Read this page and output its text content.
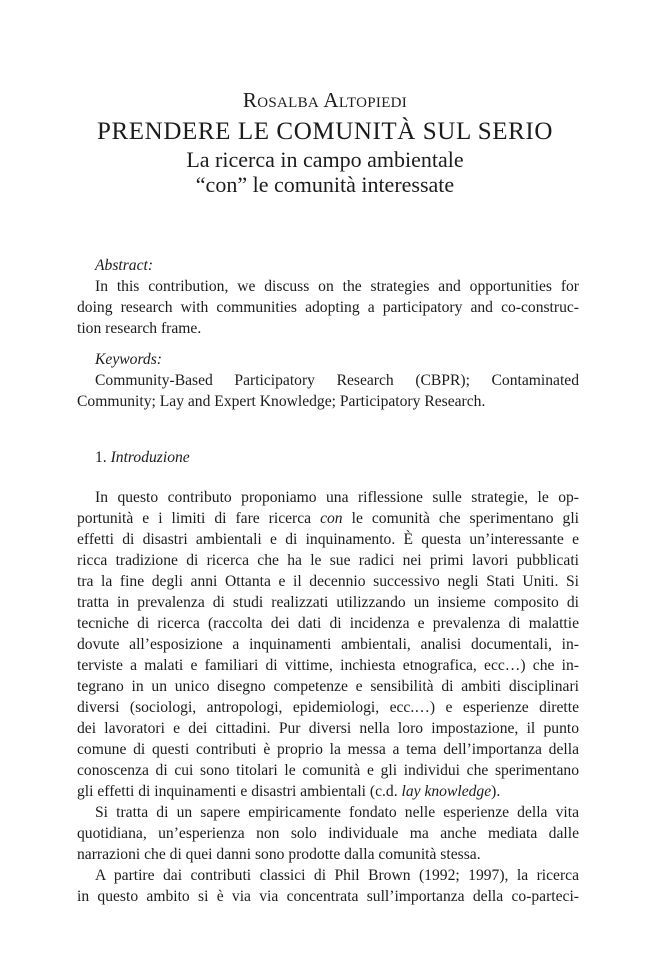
Rosalba Altopiedi
PRENDERE LE COMUNITÀ SUL SERIO
La ricerca in campo ambientale
“con” le comunità interessate
Abstract:
In this contribution, we discuss on the strategies and opportunities for
doing research with communities adopting a participatory and co-construc-
tion research frame.
Keywords:
Community-Based Participatory Research (CBPR); Contaminated
Community; Lay and Expert Knowledge; Participatory Research.
1. Introduzione
In questo contributo proponiamo una riflessione sulle strategie, le op-
portunità e i limiti di fare ricerca con le comunità che sperimentano gli
effetti di disastri ambientali e di inquinamento. È questa un’interessante e
ricca tradizione di ricerca che ha le sue radici nei primi lavori pubblicati
tra la fine degli anni Ottanta e il decennio successivo negli Stati Uniti. Si
tratta in prevalenza di studi realizzati utilizzando un insieme composito di
tecniche di ricerca (raccolta dei dati di incidenza e prevalenza di malattie
dovute all’esposizione a inquinamenti ambientali, analisi documentali, in-
terviste a malati e familiari di vittime, inchiesta etnografica, ecc…) che in-
tegrano in un unico disegno competenze e sensibilità di ambiti disciplinari
diversi (sociologi, antropologi, epidemiologi, ecc.…) e esperienze dirette
dei lavoratori e dei cittadini. Pur diversi nella loro impostazione, il punto
comune di questi contributi è proprio la messa a tema dell’importanza della
conoscenza di cui sono titolari le comunità e gli individui che sperimentano
gli effetti di inquinamenti e disastri ambientali (c.d. lay knowledge).
Si tratta di un sapere empiricamente fondato nelle esperienze della vita
quotidiana, un’esperienza non solo individuale ma anche mediata dalle
narrazioni che di quei danni sono prodotte dalla comunità stessa.
A partire dai contributi classici di Phil Brown (1992; 1997), la ricerca
in questo ambito si è via via concentrata sull’importanza della co-parteci-
